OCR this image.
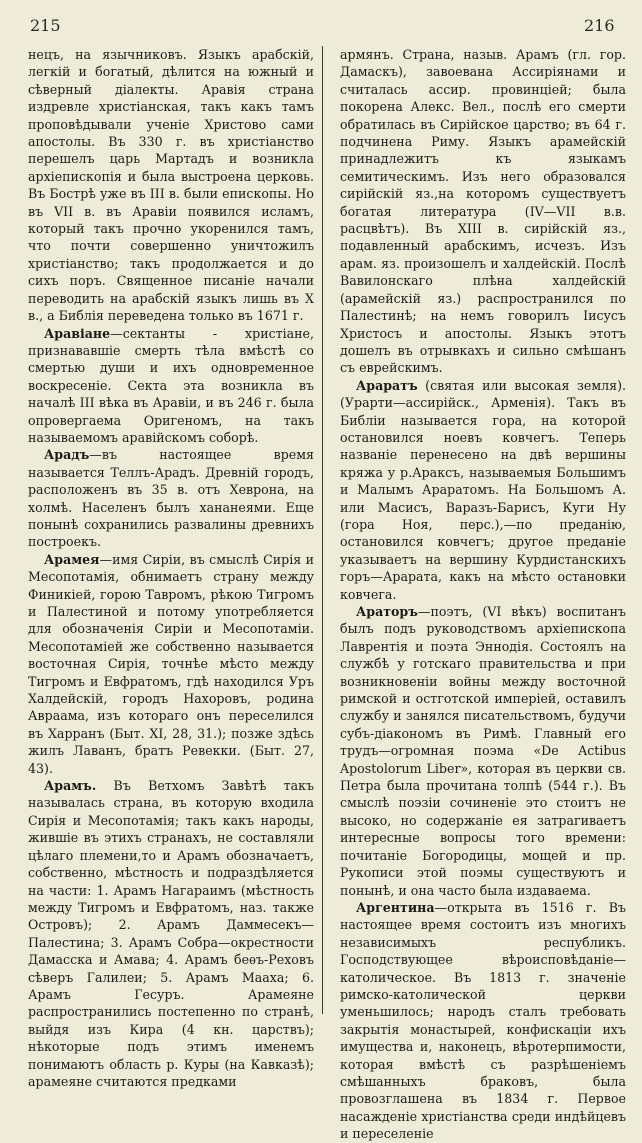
215	216

нецъ, на язычниковъ. Языкъ арабскій, легкій и богатый, дѣлится на южный и сѣверный діалекты. Аравія страна издревле христіанская, такъ какъ тамъ проповѣдывали ученіе Христово сами апостолы. Въ 330 г. въ христіанство перешелъ царь Мартадъ и возникла архіепископія и была выстроена церковь. Въ Бострѣ уже въ III в. были епископы. Но въ VII в. въ Аравіи появился исламъ, который такъ прочно укоренился тамъ, что почти совершенно уничтожилъ христіанство; такъ продолжается и до сихъ поръ. Священное писаніе начали переводить на арабскій языкъ лишь въ X в., а Библія переведена только въ 1671 г.

Аравіане—сектанты - христіане, признававшіе смерть тѣла вмѣстѣ со смертью души и ихъ одновременное воскресеніе. Секта эта возникла въ началѣ III вѣка въ Аравіи, и въ 246 г. была опровергаема Оригеномъ, на такъ называемомъ аравійскомъ соборѣ.

Арадъ—въ настоящее время называется Теллъ-Арадъ. Древній городъ, расположенъ въ 35 в. отъ Хеврона, на холмѣ. Населенъ былъ хананеями. Еще понынѣ сохранились развалины древнихъ построекъ.

Арамея—имя Сиріи, въ смыслѣ Сирія и Месопотамія, обнимаетъ страну между Финикіей, горою Тавромъ, рѣкою Тигромъ и Палестиной и потому употребляется для обозначенія Сиріи и Месопотаміи. Месопотаміей же собственно называется восточная Сирія, точнѣе мѣсто между Тигромъ и Евфратомъ, гдѣ находился Уръ Халдейскій, городъ Нахоровъ, родина Авраама, изъ котораго онъ переселился въ Харранъ (Быт. XI, 28, 31.); позже здѣсь жилъ Лаванъ, братъ Ревекки. (Быт. 27, 43).

Арамъ. Въ Ветхомъ Завѣтѣ такъ называлась страна, въ которую входила Сирія и Месопотамія; такъ какъ народы, жившіе въ этихъ странахъ, не составляли цѣлаго племени,то и Арамъ обозначаетъ, собственно, мѣстность и подраздѣляется на части: 1. Арамъ Нагараимъ (мѣстность между Тигромъ и Евфратомъ, наз. также Островъ); 2. Арамъ Даммесекъ—Палестина; 3. Арамъ Собра—окрестности Дамасска и Амава; 4. Арамъ беѳъ-Реховъ сѣверъ Галилеи; 5. Арамъ Мааха; 6. Арамъ Гесуръ. Арамеяне распространились постепенно по странѣ, выйдя изъ Кира (4 кн. царствъ); нѣкоторые подъ этимъ именемъ понимаютъ область р. Куры (на Кавказѣ); арамеяне считаются предками

армянъ. Страна, назыв. Арамъ (гл. гор. Дамаскъ), завоевана Ассиріянами и считалась ассир. провинціей; была покорена Алекс. Вел., послѣ его смерти обратилась въ Сирійское царство; въ 64 г. подчинена Риму. Языкъ арамейскій принадлежитъ къ языкамъ семитическимъ. Изъ него образовался сирійскій яз.,на которомъ существуетъ богатая литература (IV—VII в.в. расцвѣтъ). Въ XIII в. сирійскій яз., подавленный арабскимъ, исчезъ. Изъ арам. яз. произошелъ и халдейскій. Послѣ Вавилонскаго плѣна халдейскій (арамейскій яз.) распространился по Палестинѣ; на немъ говорилъ Іисусъ Христосъ и апостолы. Языкъ этотъ дошелъ въ отрывкахъ и сильно смѣшанъ съ еврейскимъ.

Араратъ (святая или высокая земля). (Урарти—ассирійск., Арменія). Такъ въ Библіи называется гора, на которой остановился ноевъ ковчегъ. Теперь названіе перенесено на двѣ вершины кряжа у р.Араксъ, называемыя Большимъ и Малымъ Араратомъ. На Большомъ А. или Масисъ, Варазъ-Барисъ, Куги Ну (гора Ноя, перс.),—по преданію, остановился ковчегъ; другое преданіе указываетъ на вершину Курдистанскихъ горъ—Арарата, какъ на мѣсто остановки ковчега.

Араторъ—поэтъ, (VI вѣкъ) воспитанъ былъ подъ руководствомъ архіепископа Лаврентія и поэта Эннодія. Состоялъ на службѣ у готскаго правительства и при возникновеніи войны между восточной римской и остготской имперіей, оставилъ службу и занялся писательствомъ, будучи субъ-діакономъ въ Римѣ. Главный его трудъ—огромная поэма «De Actibus Apostolorum Liber», которая въ церкви св. Петра была прочитана толпѣ (544 г.). Въ смыслѣ поэзіи сочиненіе это стоитъ не высоко, но содержаніе ея затрагиваетъ интересные вопросы того времени: почитаніе Богородицы, мощей и пр. Рукописи этой поэмы существуютъ и понынѣ, и она часто была издаваема.

Аргентина—открыта въ 1516 г. Въ настоящее время состоитъ изъ многихъ независимыхъ республикъ. Господствующее вѣроисповѣданіе—католическое. Въ 1813 г. значеніе римско-католической церкви уменьшилось; народъ сталъ требовать закрытія монастырей, конфискаціи ихъ имущества и, наконецъ, вѣротерпимости, которая вмѣстѣ съ разрѣшеніемъ смѣшанныхъ браковъ, была провозглашена въ 1834 г. Первое насажденіе христіанства среди индѣйцевъ и переселеніе
